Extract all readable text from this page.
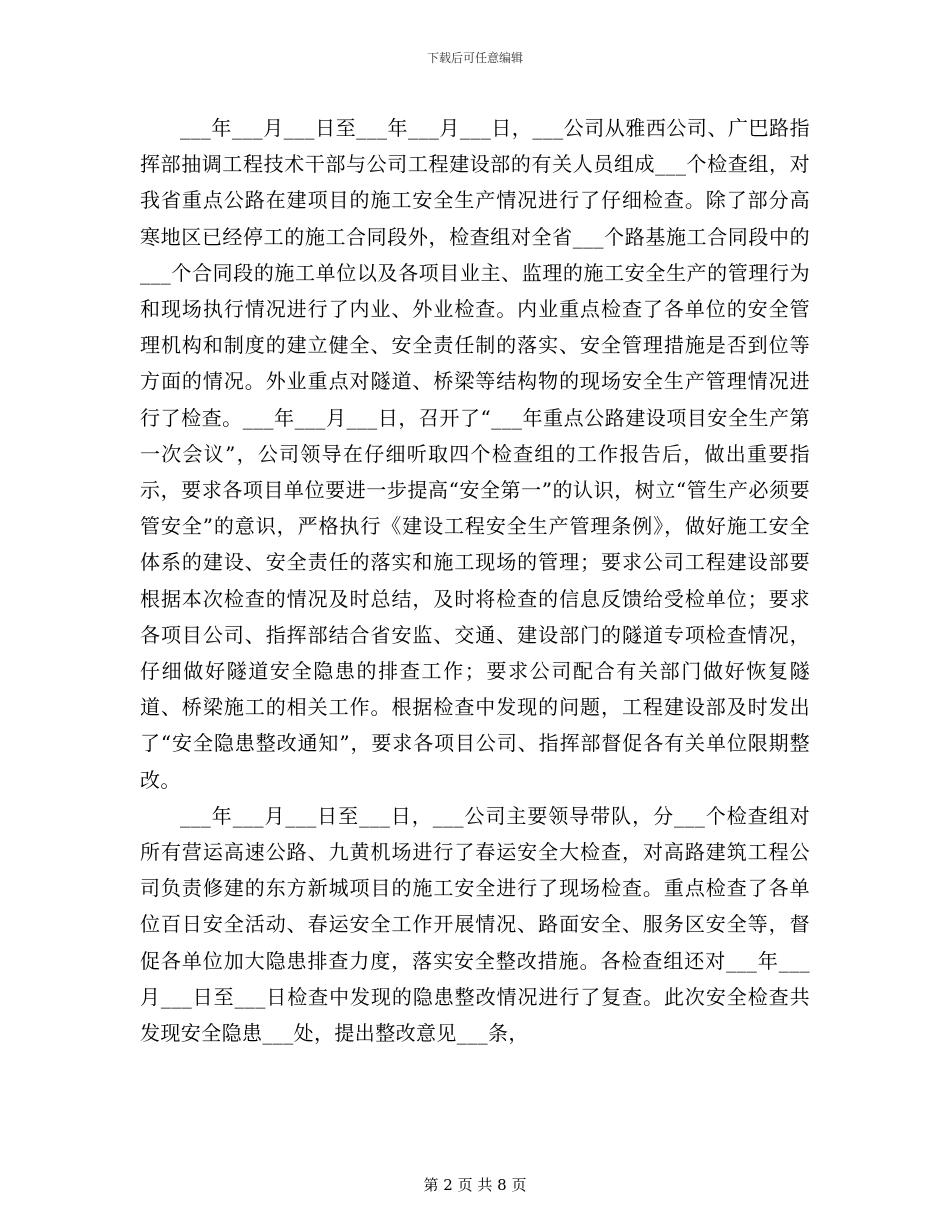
下载后可任意编辑

___年___月___日至___年___月___日，___公司从雅西公司、广巴路指挥部抽调工程技术干部与公司工程建设部的有关人员组成___个检查组，对我省重点公路在建项目的施工安全生产情况进行了仔细检查。除了部分高寒地区已经停工的施工合同段外，检查组对全省___个路基施工合同段中的___个合同段的施工单位以及各项目业主、监理的施工安全生产的管理行为和现场执行情况进行了内业、外业检查。内业重点检查了各单位的安全管理机构和制度的建立健全、安全责任制的落实、安全管理措施是否到位等方面的情况。外业重点对隧道、桥梁等结构物的现场安全生产管理情况进行了检查。___年___月___日，召开了“___年重点公路建设项目安全生产第一次会议”，公司领导在仔细听取四个检查组的工作报告后，做出重要指示，要求各项目单位要进一步提高“安全第一”的认识，树立“管生产必须要管安全”的意识，严格执行《建设工程安全生产管理条例》，做好施工安全体系的建设、安全责任的落实和施工现场的管理；要求公司工程建设部要根据本次检查的情况及时总结，及时将检查的信息反馈给受检单位；要求各项目公司、指挥部结合省安监、交通、建设部门的隧道专项检查情况，仔细做好隧道安全隐患的排查工作；要求公司配合有关部门做好恢复隧道、桥梁施工的相关工作。根据检查中发现的问题，工程建设部及时发出了“安全隐患整改通知”，要求各项目公司、指挥部督促各有关单位限期整改。

___年___月___日至___日，___公司主要领导带队，分___个检查组对所有营运高速公路、九黄机场进行了春运安全大检查，对高路建筑工程公司负责修建的东方新城项目的施工安全进行了现场检查。重点检查了各单位百日安全活动、春运安全工作开展情况、路面安全、服务区安全等，督促各单位加大隐患排查力度，落实安全整改措施。各检查组还对___年___月___日至___日检查中发现的隐患整改情况进行了复查。此次安全检查共发现安全隐患___处，提出整改意见___条，

第 2 页 共 8 页
